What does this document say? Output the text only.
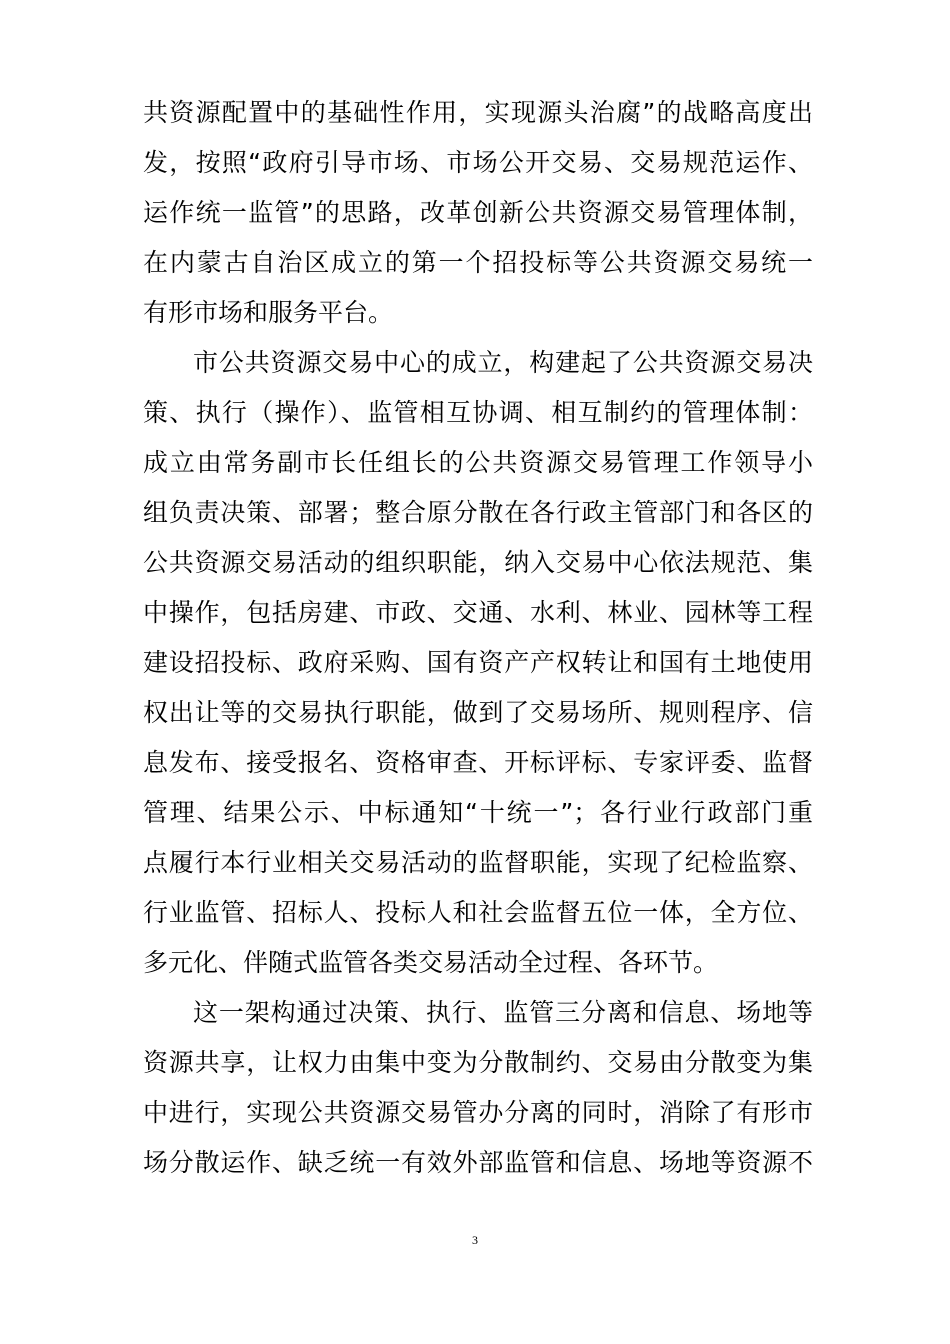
共资源配置中的基础性作用，实现源头治腐”的战略高度出
发，按照“政府引导市场、市场公开交易、交易规范运作、
运作统一监管”的思路，改革创新公共资源交易管理体制，
在内蒙古自治区成立的第一个招投标等公共资源交易统一
有形市场和服务平台。
市公共资源交易中心的成立，构建起了公共资源交易决
策、执行（操作）、监管相互协调、相互制约的管理体制：
成立由常务副市长任组长的公共资源交易管理工作领导小
组负责决策、部署；整合原分散在各行政主管部门和各区的
公共资源交易活动的组织职能，纳入交易中心依法规范、集
中操作，包括房建、市政、交通、水利、林业、园林等工程
建设招投标、政府采购、国有资产产权转让和国有土地使用
权出让等的交易执行职能，做到了交易场所、规则程序、信
息发布、接受报名、资格审查、开标评标、专家评委、监督
管理、结果公示、中标通知“十统一”；各行业行政部门重
点履行本行业相关交易活动的监督职能，实现了纪检监察、
行业监管、招标人、投标人和社会监督五位一体，全方位、
多元化、伴随式监管各类交易活动全过程、各环节。
这一架构通过决策、执行、监管三分离和信息、场地等
资源共享，让权力由集中变为分散制约、交易由分散变为集
中进行，实现公共资源交易管办分离的同时，消除了有形市
场分散运作、缺乏统一有效外部监管和信息、场地等资源不
3
